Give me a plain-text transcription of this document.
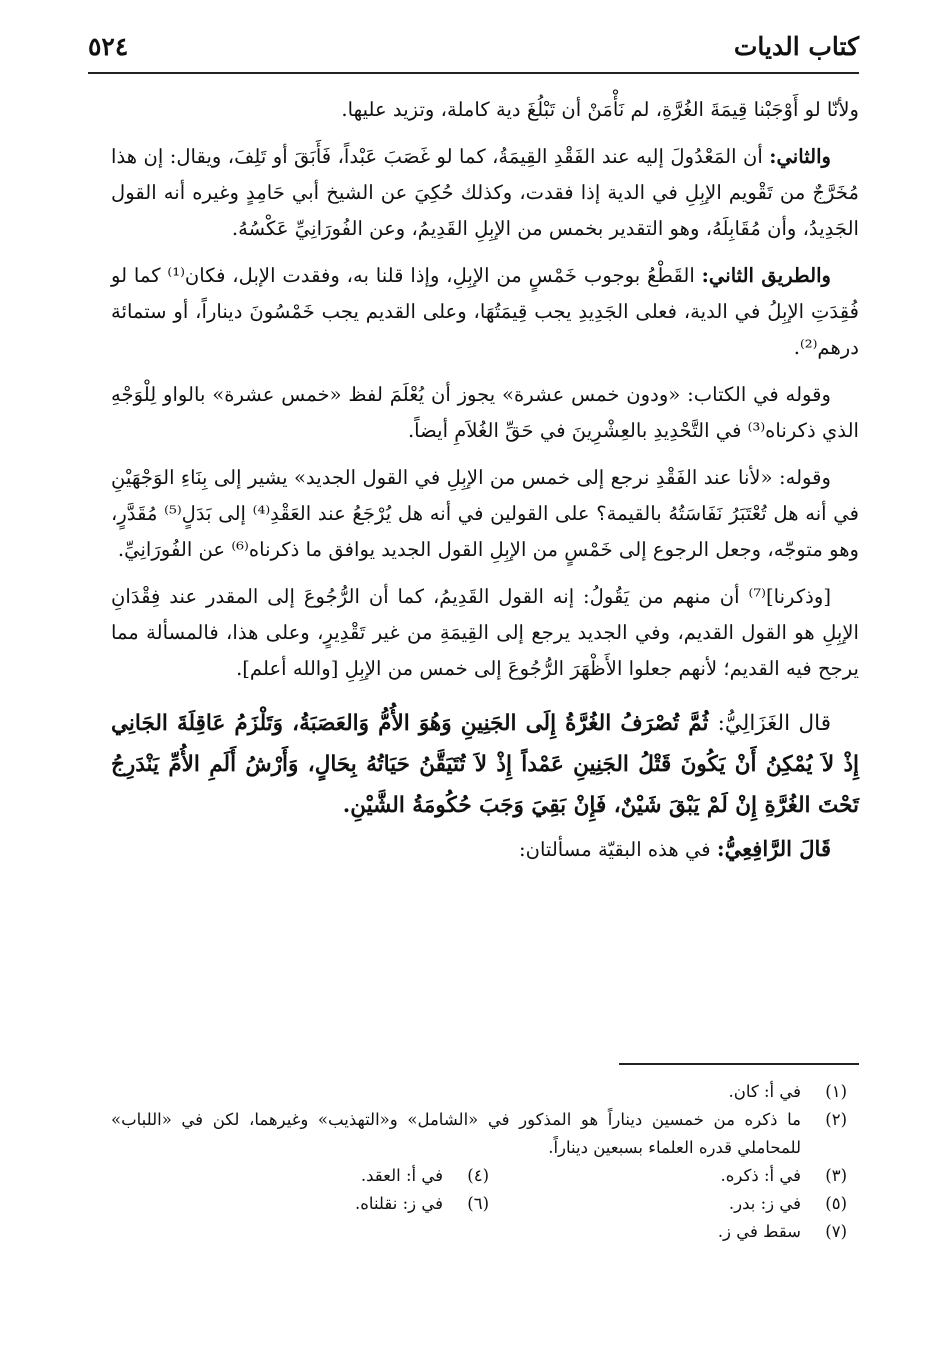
كتاب الديات
٥٢٤

ولأنّا لو أَوْجَبْنا قِيمَةَ الغُرَّةِ، لم نَأْمَنْ أن تَبْلُغَ دية كاملة، وتزيد عليها.

والثاني: أن المَعْدُولَ إليه عند الفَقْدِ القِيمَةُ، كما لو غَصَبَ عَبْداً، فَأَبَقَ أو تَلِفَ، ويقال: إن هذا مُخَرَّجٌ من تَقْويم الإبِلِ في الدية إذا فقدت، وكذلك حُكِيَ عن الشيخ أبي حَامِدٍ وغيره أنه القول الجَدِيدُ، وأن مُقَابِلَهُ، وهو التقدير بخمس من الإبِلِ القَدِيمُ، وعن الفُورَانِيِّ عَكْسُهُ.

والطريق الثاني: القَطْعُ بوجوب خَمْسٍ من الإبِلِ، وإذا قلنا به، وفقدت الإبل، فكان⁽¹⁾ كما لو فُقِدَتِ الإبِلُ في الدية، فعلى الجَدِيدِ يجب قِيمَتُهَا، وعلى القديم يجب خَمْسُونَ ديناراً، أو ستمائة درهم⁽²⁾.

وقوله في الكتاب: «ودون خمس عشرة» يجوز أن يُعْلَمَ لفظ «خمس عشرة» بالواو لِلْوَجْهِ الذي ذكرناه⁽³⁾ في التَّحْدِيدِ بالعِشْرِينَ في حَقِّ الغُلاَمِ أيضاً.

وقوله: «لأنا عند الفَقْدِ نرجع إلى خمس من الإبِلِ في القول الجديد» يشير إلى بِنَاءِ الوَجْهَيْنِ في أنه هل تُعْتَبَرُ نَفَاسَتُهُ بالقيمة؟ على القولين في أنه هل يُرْجَعُ عند العَقْدِ⁽⁴⁾ إلى بَدَلٍ⁽⁵⁾ مُقَدَّرٍ، وهو متوجّه، وجعل الرجوع إلى خَمْسٍ من الإبِلِ القول الجديد يوافق ما ذكرناه⁽⁶⁾ عن الفُورَانِيِّ.

[وذكرنا]⁽⁷⁾ أن منهم من يَقُولُ: إنه القول القَدِيمُ، كما أن الرُّجُوعَ إلى المقدر عند فِقْدَانِ الإبِلِ هو القول القديم، وفي الجديد يرجع إلى القِيمَةِ من غير تَقْدِيرٍ، وعلى هذا، فالمسألة مما يرجح فيه القديم؛ لأنهم جعلوا الأَظْهَرَ الرُّجُوعَ إلى خمس من الإبِلِ [والله أعلم].

قال الغَزَالِيُّ: ثُمَّ تُصْرَفُ الغُرَّةُ إِلَى الجَنِينِ وَهُوَ الأُمُّ وَالعَصَبَةُ، وَتَلْزَمُ عَاقِلَةَ الجَانِي إِذْ لاَ يُمْكِنُ أَنْ يَكُونَ قَتْلُ الجَنِينِ عَمْداً إِذْ لاَ تُتَيَقَّنُ حَيَاتُهُ بِحَالٍ، وَأَرْشُ أَلَمِ الأُمِّ يَنْدَرِجُ تَحْتَ الغُرَّةِ إِنْ لَمْ يَبْقَ شَيْنٌ، فَإِنْ بَقِيَ وَجَبَ حُكُومَةُ الشَّيْنِ.

قَالَ الرَّافِعِيُّ: في هذه البقيّة مسألتان:

(١)
في أ: كان.
(٢)
ما ذكره من خمسين ديناراً هو المذكور في «الشامل» و«التهذيب» وغيرهما، لكن في «اللباب» للمحاملي قدره العلماء بسبعين ديناراً.
(٣)
في أ: ذكره.
(٤)
في أ: العقد.
(٥)
في ز: بدر.
(٦)
في ز: نقلناه.
(٧)
سقط في ز.
